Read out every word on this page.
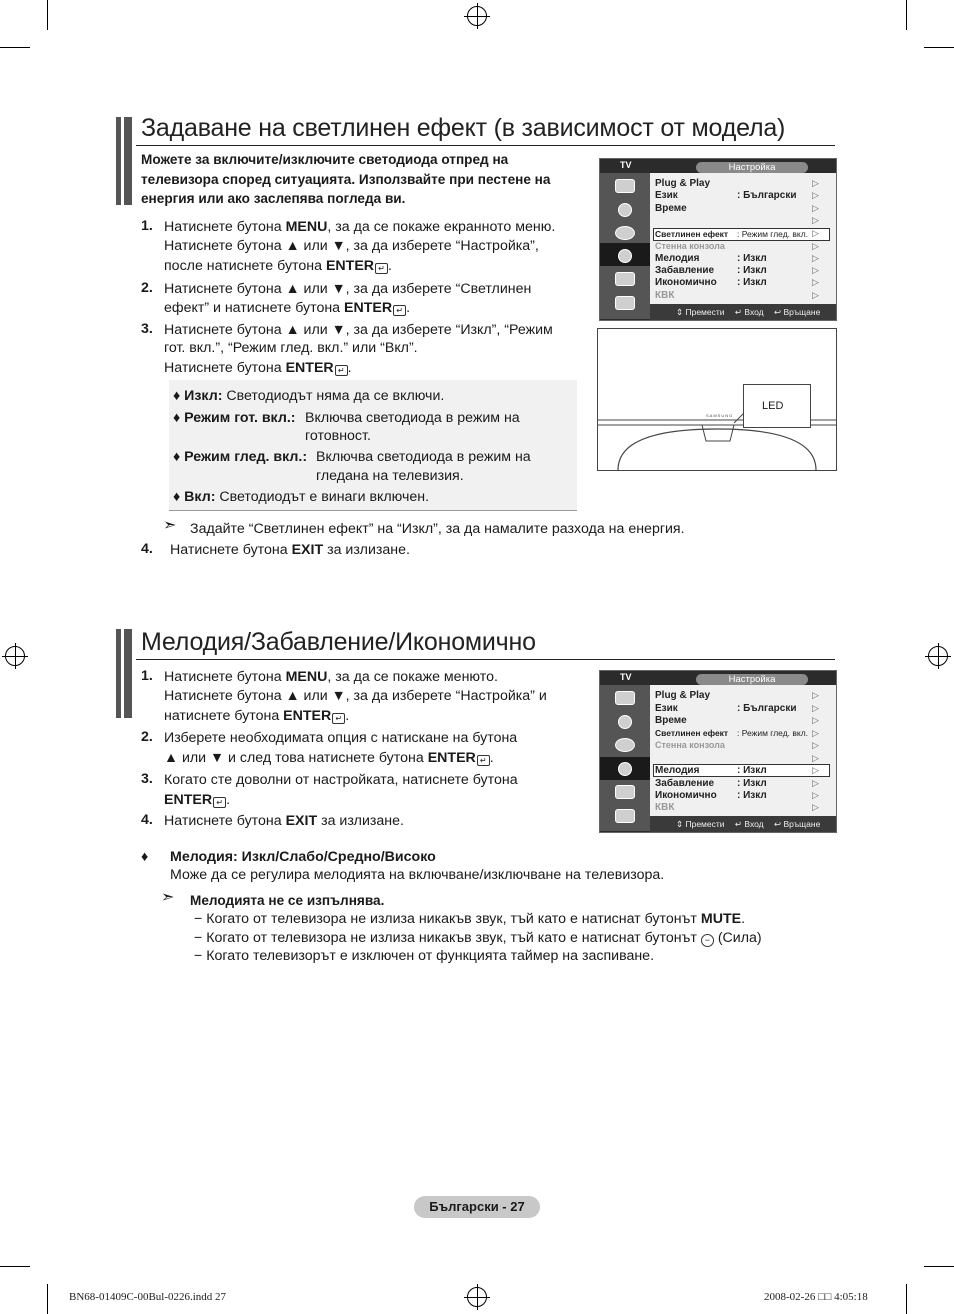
Задаване на светлинен ефект (в зависимост от модела)
Можете за включите/изключите светодиода отпред на
телевизора според ситуацията. Използвайте при пестене на
енергия или ако заслепява погледа ви.
1. Натиснете бутона MENU, за да се покаже екранното меню.
Натиснете бутона ▲ или ▼, за да изберете “Настройка”,
после натиснете бутона ENTER ↵ .
2. Натиснете бутона ▲ или ▼, за да изберете “Светлинен
ефект” и натиснете бутона ENTER ↵ .
3. Натиснете бутона ▲ или ▼, за да изберете “Изкл”, “Режим
гот. вкл.”, “Режим глед. вкл.” или “Вкл”.
Натиснете бутона ENTER ↵ .
♦ Изкл: Светодиодът няма да се включи.
♦ Режим гот. вкл.: Включва светодиода в режим на
готовност.
♦ Режим глед. вкл.: Включва светодиода в режим на
гледана на телевизия.
♦ Вкл: Светодиодът е винаги включен.
➣ Задайте “Светлинен ефект” на “Изкл”, за да намалите разхода на енергия.
4. Натиснете бутона EXIT за излизане.
TV	Настройка
Plug & Play
Език	: Български
Време
Светлинен ефект : Режим глед. вкл.
Стенна конзола
Мелодия	: Изкл
Забавление : Изкл
Икономично : Изкл
КВК
▷
▷
▷
▷
▷
▷
▷
▷
▷
▷
⇕ Премести ↵ Вход ↩ Връщане
SAMSUNG
LED
Мелодия/Забавление/Икономично
1. Натиснете бутона MENU, за да се покаже менюто.
Натиснете бутона ▲ или ▼, за да изберете “Настройка” и
натиснете бутона ENTER ↵ .
2. Изберете необходимата опция с натискане на бутона
▲ или ▼ и след това натиснете бутона ENTER ↵ .
3. Когато сте доволни от настройката, натиснете бутона
ENTER ↵ .
4. Натиснете бутона EXIT за излизане.
♦ Мелодия: Изкл/Слабо/Средно/Високо
Може да се регулира мелодията на включване/изключване на телевизора.
➣ Мелодията не се изпълнява.
− Когато от телевизора не излиза никакъв звук, тъй като е натиснат бутонът MUTE.
− Когато от телевизора не излиза никакъв звук, тъй като е натиснат бутонът − (Сила)
− Когато телевизорът е изключен от функцията таймер на заспиване.
TV	Настройка
Plug & Play
Език	: Български
Време
Светлинен ефект : Режим глед. вкл.
Стенна конзола
Мелодия	: Изкл
Забавление : Изкл
Икономично : Изкл
КВК
▷
▷
▷
▷
▷
▷
▷
▷
▷
▷
⇕ Премести ↵ Вход ↩ Връщане
Български - 27
BN68-01409C-00Bul-0226.indd 27	2008-02-26 □□ 4:05:18
